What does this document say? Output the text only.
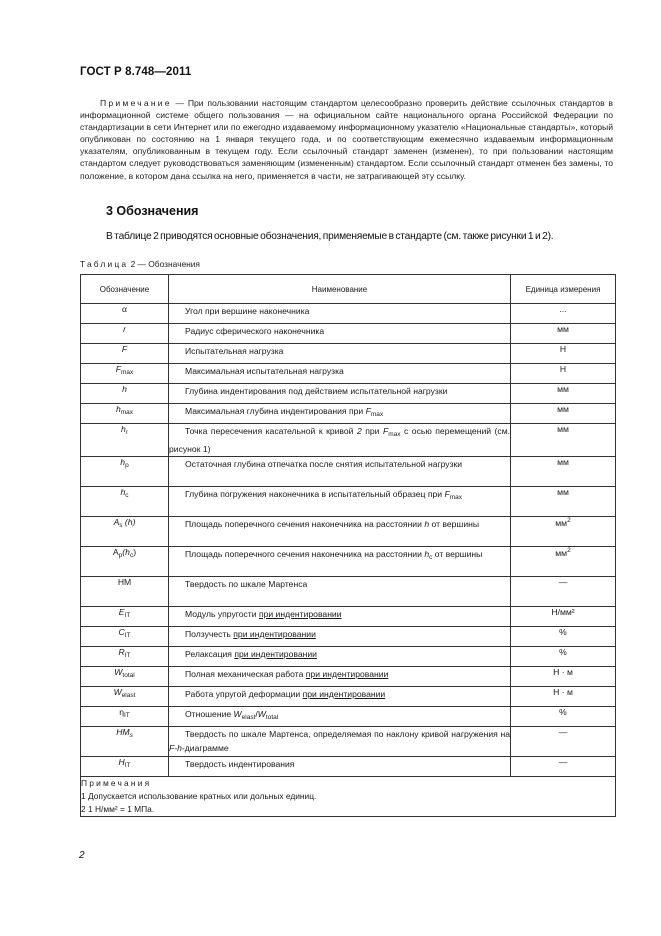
ГОСТ Р 8.748—2011
Примечание — При пользовании настоящим стандартом целесообразно проверить действие ссылочных стандартов в информационной системе общего пользования — на официальном сайте национального органа Российской Федерации по стандартизации в сети Интернет или по ежегодно издаваемому информационному указателю «Национальные стандарты», который опубликован по состоянию на 1 января текущего года, и по соответствующим ежемесячно издаваемым информационным указателям, опубликованным в текущем году. Если ссылочный стандарт заменен (изменен), то при пользовании настоящим стандартом следует руководствоваться заменяющим (измененным) стандартом. Если ссылочный стандарт отменен без замены, то положение, в котором дана ссылка на него, применяется в части, не затрагивающей эту ссылку.
3 Обозначения
В таблице 2 приводятся основные обозначения, применяемые в стандарте (см. также рисунки 1 и 2).
Таблица 2 — Обозначения
Обозначение	Наименование	Единица измерения
α	Угол при вершине наконечника	...
r	Радиус сферического наконечника	мм
F	Испытательная нагрузка	Н
$F_{max}$	Максимальная испытательная нагрузка	Н
h	Глубина индентирования под действием испытательной нагрузки	мм
$h_{max}$	Максимальная глубина индентирования при $F_{max}$	мм
$h_r$	Точка пересечения касательной к кривой 2 при $F_{max}$ с осью перемещений (см. рисунок 1)	мм
$h_p$	Остаточная глубина отпечатка после снятия испытательной нагрузки	мм
$h_c$	Глубина погружения наконечника в испытательный образец при $F_{max}$	мм
$A_s$ (h)	Площадь поперечного сечения наконечника на расстоянии h от вершины	$мм^2$
$A_p(h_c)$	Площадь поперечного сечения наконечника на расстоянии $h_c$ от вершины	$мм^2$
HM	Твердость по шкале Мартенса	—
$E_{IT}$	Модуль упругости при индентировании	Н/мм²
$C_{IT}$	Ползучесть при индентировании	%
$R_{IT}$	Релаксация при индентировании	%
$W_{total}$	Полная механическая работа при индентировании	Н · м
$W_{elast}$	Работа упругой деформации при индентировании	Н · м
$\eta_{IT}$	Отношение $W_{elast}/W_{total}$	%
$HM_s$	Твердость по шкале Мартенса, определяемая по наклону кривой нагружения на F-h-диаграмме	—
$H_{IT}$	Твердость индентирования	—

Примечания
1 Допускается использование кратных или дольных единиц.
2 1 Н/мм² = 1 МПа.		
2
